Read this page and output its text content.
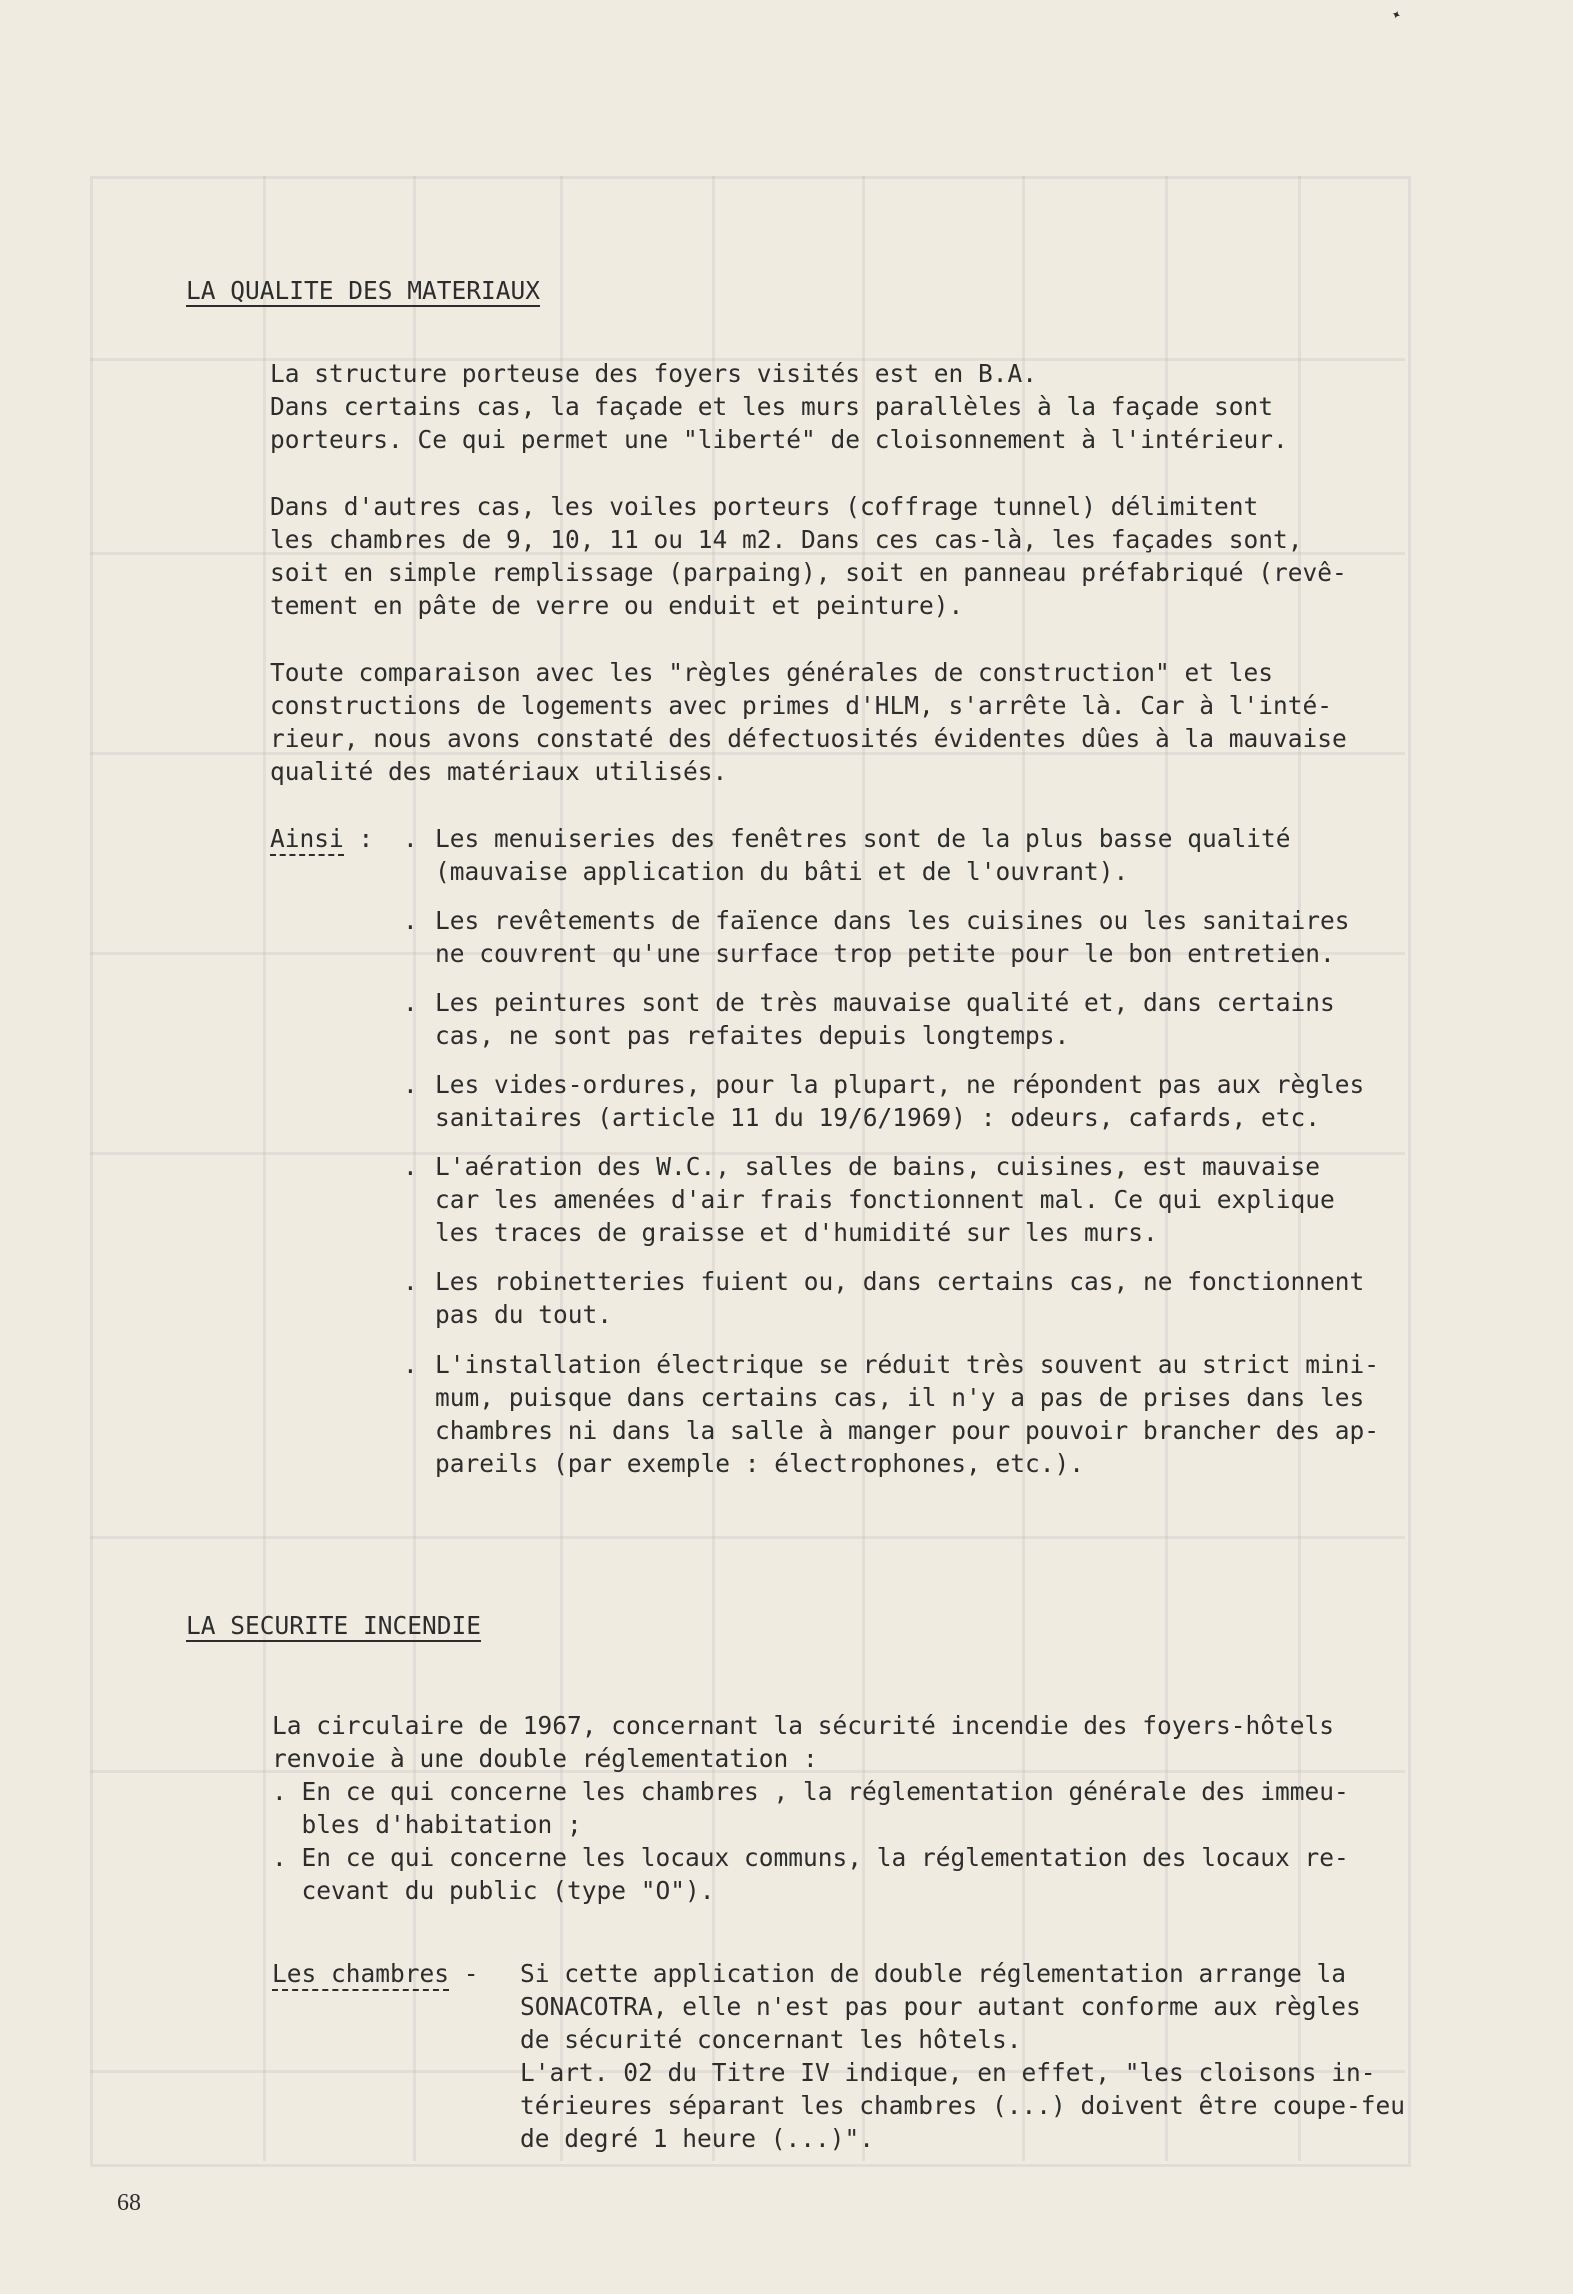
✦
LA QUALITE DES MATERIAUX
La structure porteuse des foyers visités est en B.A.
Dans certains cas, la façade et les murs parallèles à la façade sont
porteurs. Ce qui permet une "liberté" de cloisonnement à l'intérieur.
Dans d'autres cas, les voiles porteurs (coffrage tunnel) délimitent
les chambres de 9, 10, 11 ou 14 m2. Dans ces cas-là, les façades sont,
soit en simple remplissage (parpaing), soit en panneau préfabriqué (revê-
tement en pâte de verre ou enduit et peinture).
Toute comparaison avec les "règles générales de construction" et les
constructions de logements avec primes d'HLM, s'arrête là. Car à l'inté-
rieur, nous avons constaté des défectuosités évidentes dûes à la mauvaise
qualité des matériaux utilisés.
Ainsi : . Les menuiseries des fenêtres sont de la plus basse qualité
(mauvaise application du bâti et de l'ouvrant).
. Les revêtements de faïence dans les cuisines ou les sanitaires
ne couvrent qu'une surface trop petite pour le bon entretien.
. Les peintures sont de très mauvaise qualité et, dans certains
cas, ne sont pas refaites depuis longtemps.
. Les vides-ordures, pour la plupart, ne répondent pas aux règles
sanitaires (article 11 du 19/6/1969) : odeurs, cafards, etc.
. L'aération des W.C., salles de bains, cuisines, est mauvaise
car les amenées d'air frais fonctionnent mal. Ce qui explique
les traces de graisse et d'humidité sur les murs.
. Les robinetteries fuient ou, dans certains cas, ne fonctionnent
pas du tout.
. L'installation électrique se réduit très souvent au strict mini-
mum, puisque dans certains cas, il n'y a pas de prises dans les
chambres ni dans la salle à manger pour pouvoir brancher des ap-
pareils (par exemple : électrophones, etc.).
LA SECURITE INCENDIE
La circulaire de 1967, concernant la sécurité incendie des foyers-hôtels
renvoie à une double réglementation :
. En ce qui concerne les chambres , la réglementation générale des immeu-
bles d'habitation ;
. En ce qui concerne les locaux communs, la réglementation des locaux re-
cevant du public (type "O").
Les chambres - Si cette application de double réglementation arrange la
SONACOTRA, elle n'est pas pour autant conforme aux règles
de sécurité concernant les hôtels.
L'art. 02 du Titre IV indique, en effet, "les cloisons in-
térieures séparant les chambres (...) doivent être coupe-feu
de degré 1 heure (...)".
68
